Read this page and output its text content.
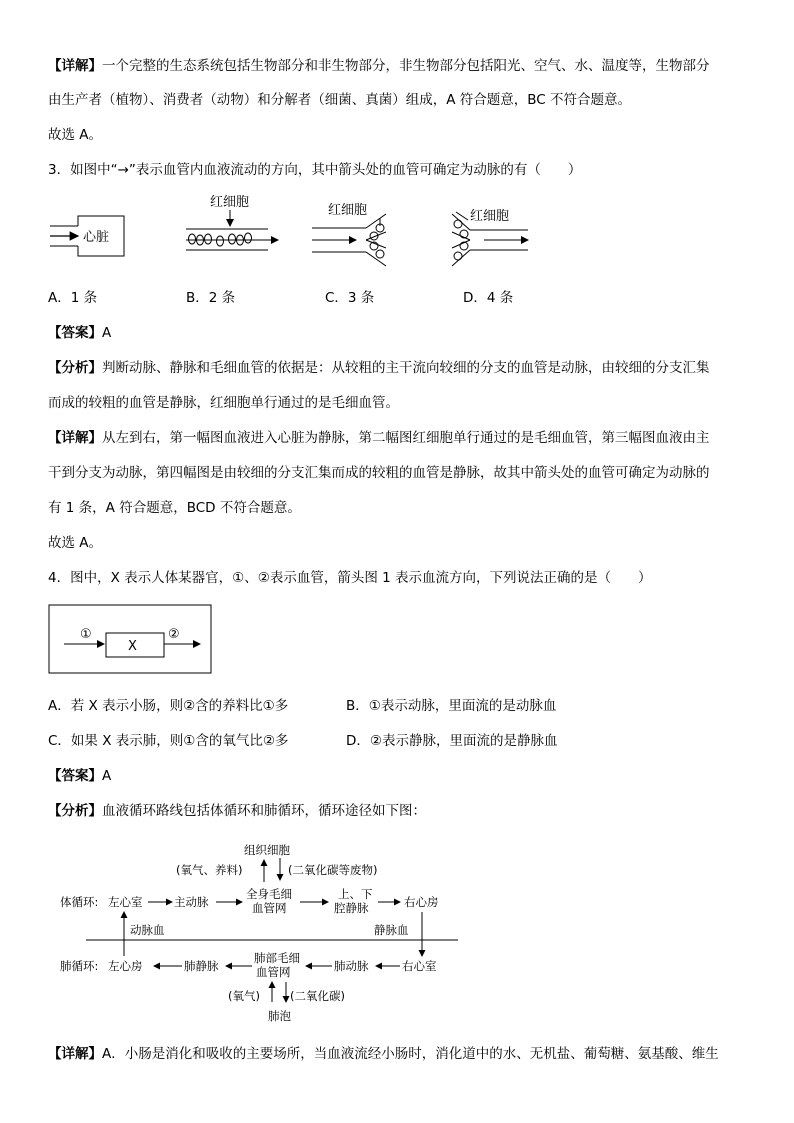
【详解】一个完整的生态系统包括生物部分和非生物部分，非生物部分包括阳光、空气、水、温度等，生物部分
由生产者（植物）、消费者（动物）和分解者（细菌、真菌）组成，A 符合题意，BC 不符合题意。
故选 A。
3．如图中“→”表示血管内血液流动的方向，其中箭头处的血管可确定为动脉的有（　　）
心脏
红细胞
红细胞	红细胞
A．1 条	B．2 条	C．3 条	D．4 条
【答案】A
【分析】判断动脉、静脉和毛细血管的依据是：从较粗的主干流向较细的分支的血管是动脉，由较细的分支汇集
而成的较粗的血管是静脉，红细胞单行通过的是毛细血管。
【详解】从左到右，第一幅图血液进入心脏为静脉，第二幅图红细胞单行通过的是毛细血管，第三幅图血液由主
干到分支为动脉，第四幅图是由较细的分支汇集而成的较粗的血管是静脉，故其中箭头处的血管可确定为动脉的
有 1 条，A 符合题意，BCD 不符合题意。
故选 A。
4．图中，X 表示人体某器官，①、②表示血管，箭头图 1 表示血流方向，下列说法正确的是（　　）
①
X
②
A．若 X 表示小肠，则②含的养料比①多	B．①表示动脉，里面流的是动脉血
C．如果 X 表示肺，则①含的氧气比②多	D．②表示静脉，里面流的是静脉血
【答案】A
【分析】血液循环路线包括体循环和肺循环，循环途径如下图：
组织细胞
(氧气、养料)	(二氧化碳等废物)
体循环: 左心室	主动脉
全身毛细
血管网
上、下
腔静脉	右心房
动脉血	静脉血
肺循环: 左心房	肺静脉
肺部毛细
血管网	肺动脉	右心室
(氧气)	(二氧化碳)
肺泡
【详解】A．小肠是消化和吸收的主要场所，当血液流经小肠时，消化道中的水、无机盐、葡萄糖、氨基酸、维生
